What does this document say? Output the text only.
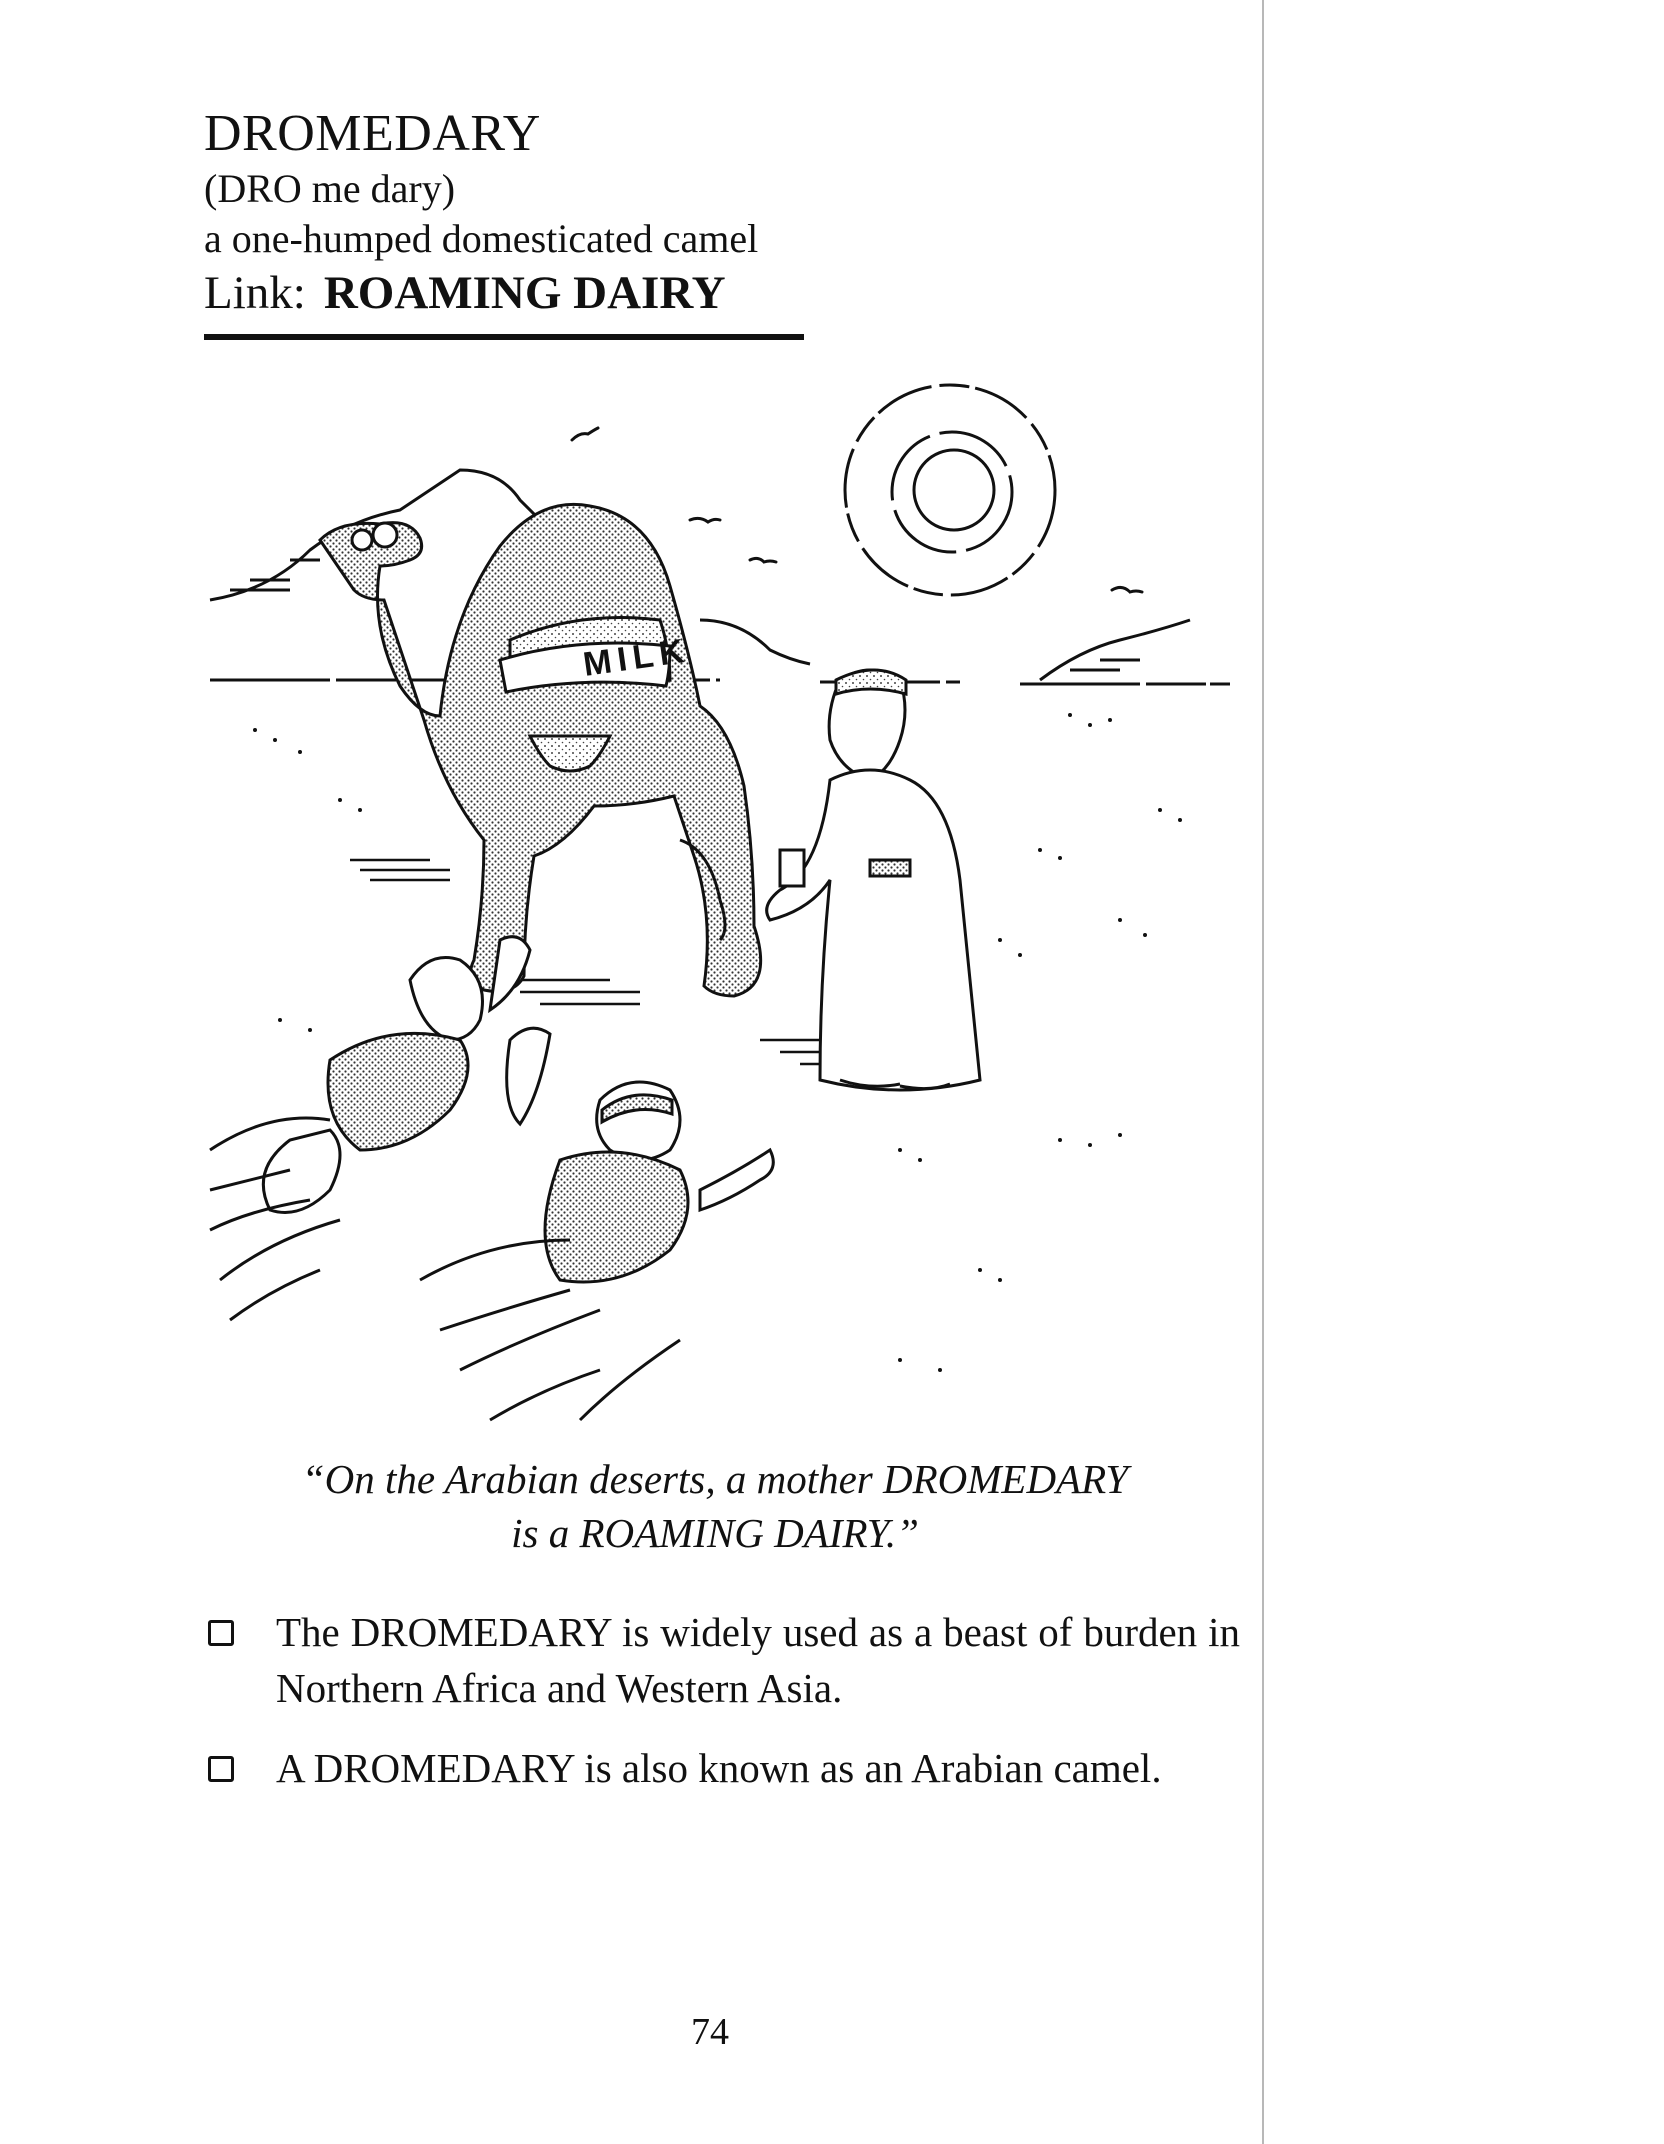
DROMEDARY
(DRO me dary)
a one-humped domesticated camel
Link: ROAMING DAIRY
MILK
“On the Arabian deserts, a mother DROMEDARY
is a ROAMING DAIRY.”
The DROMEDARY is widely used as a beast of burden in Northern Africa and Western Asia.
A DROMEDARY is also known as an Arabian camel.
74
